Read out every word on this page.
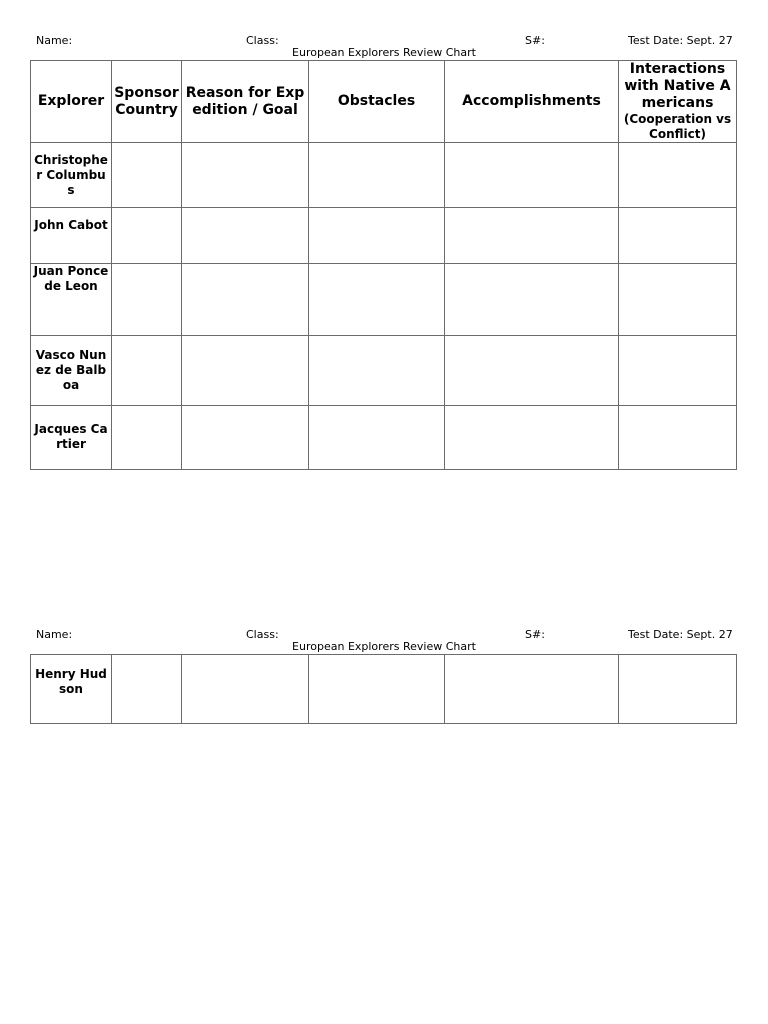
Name:	Class:	S#:	Test Date: Sept. 27
European Explorers Review Chart
Explorer	Sponsor Country	Reason for Expedition / Goal	Obstacles	Accomplishments	Interactions with Native Americans
(Cooperation vs Conflict)

Christopher Columbus					
John Cabot					
Juan Ponce de Leon					
Vasco Nunez de Balboa					
Jacques Cartier					
Name:	Class:	S#:	Test Date: Sept. 27
European Explorers Review Chart
Henry Hudson					
